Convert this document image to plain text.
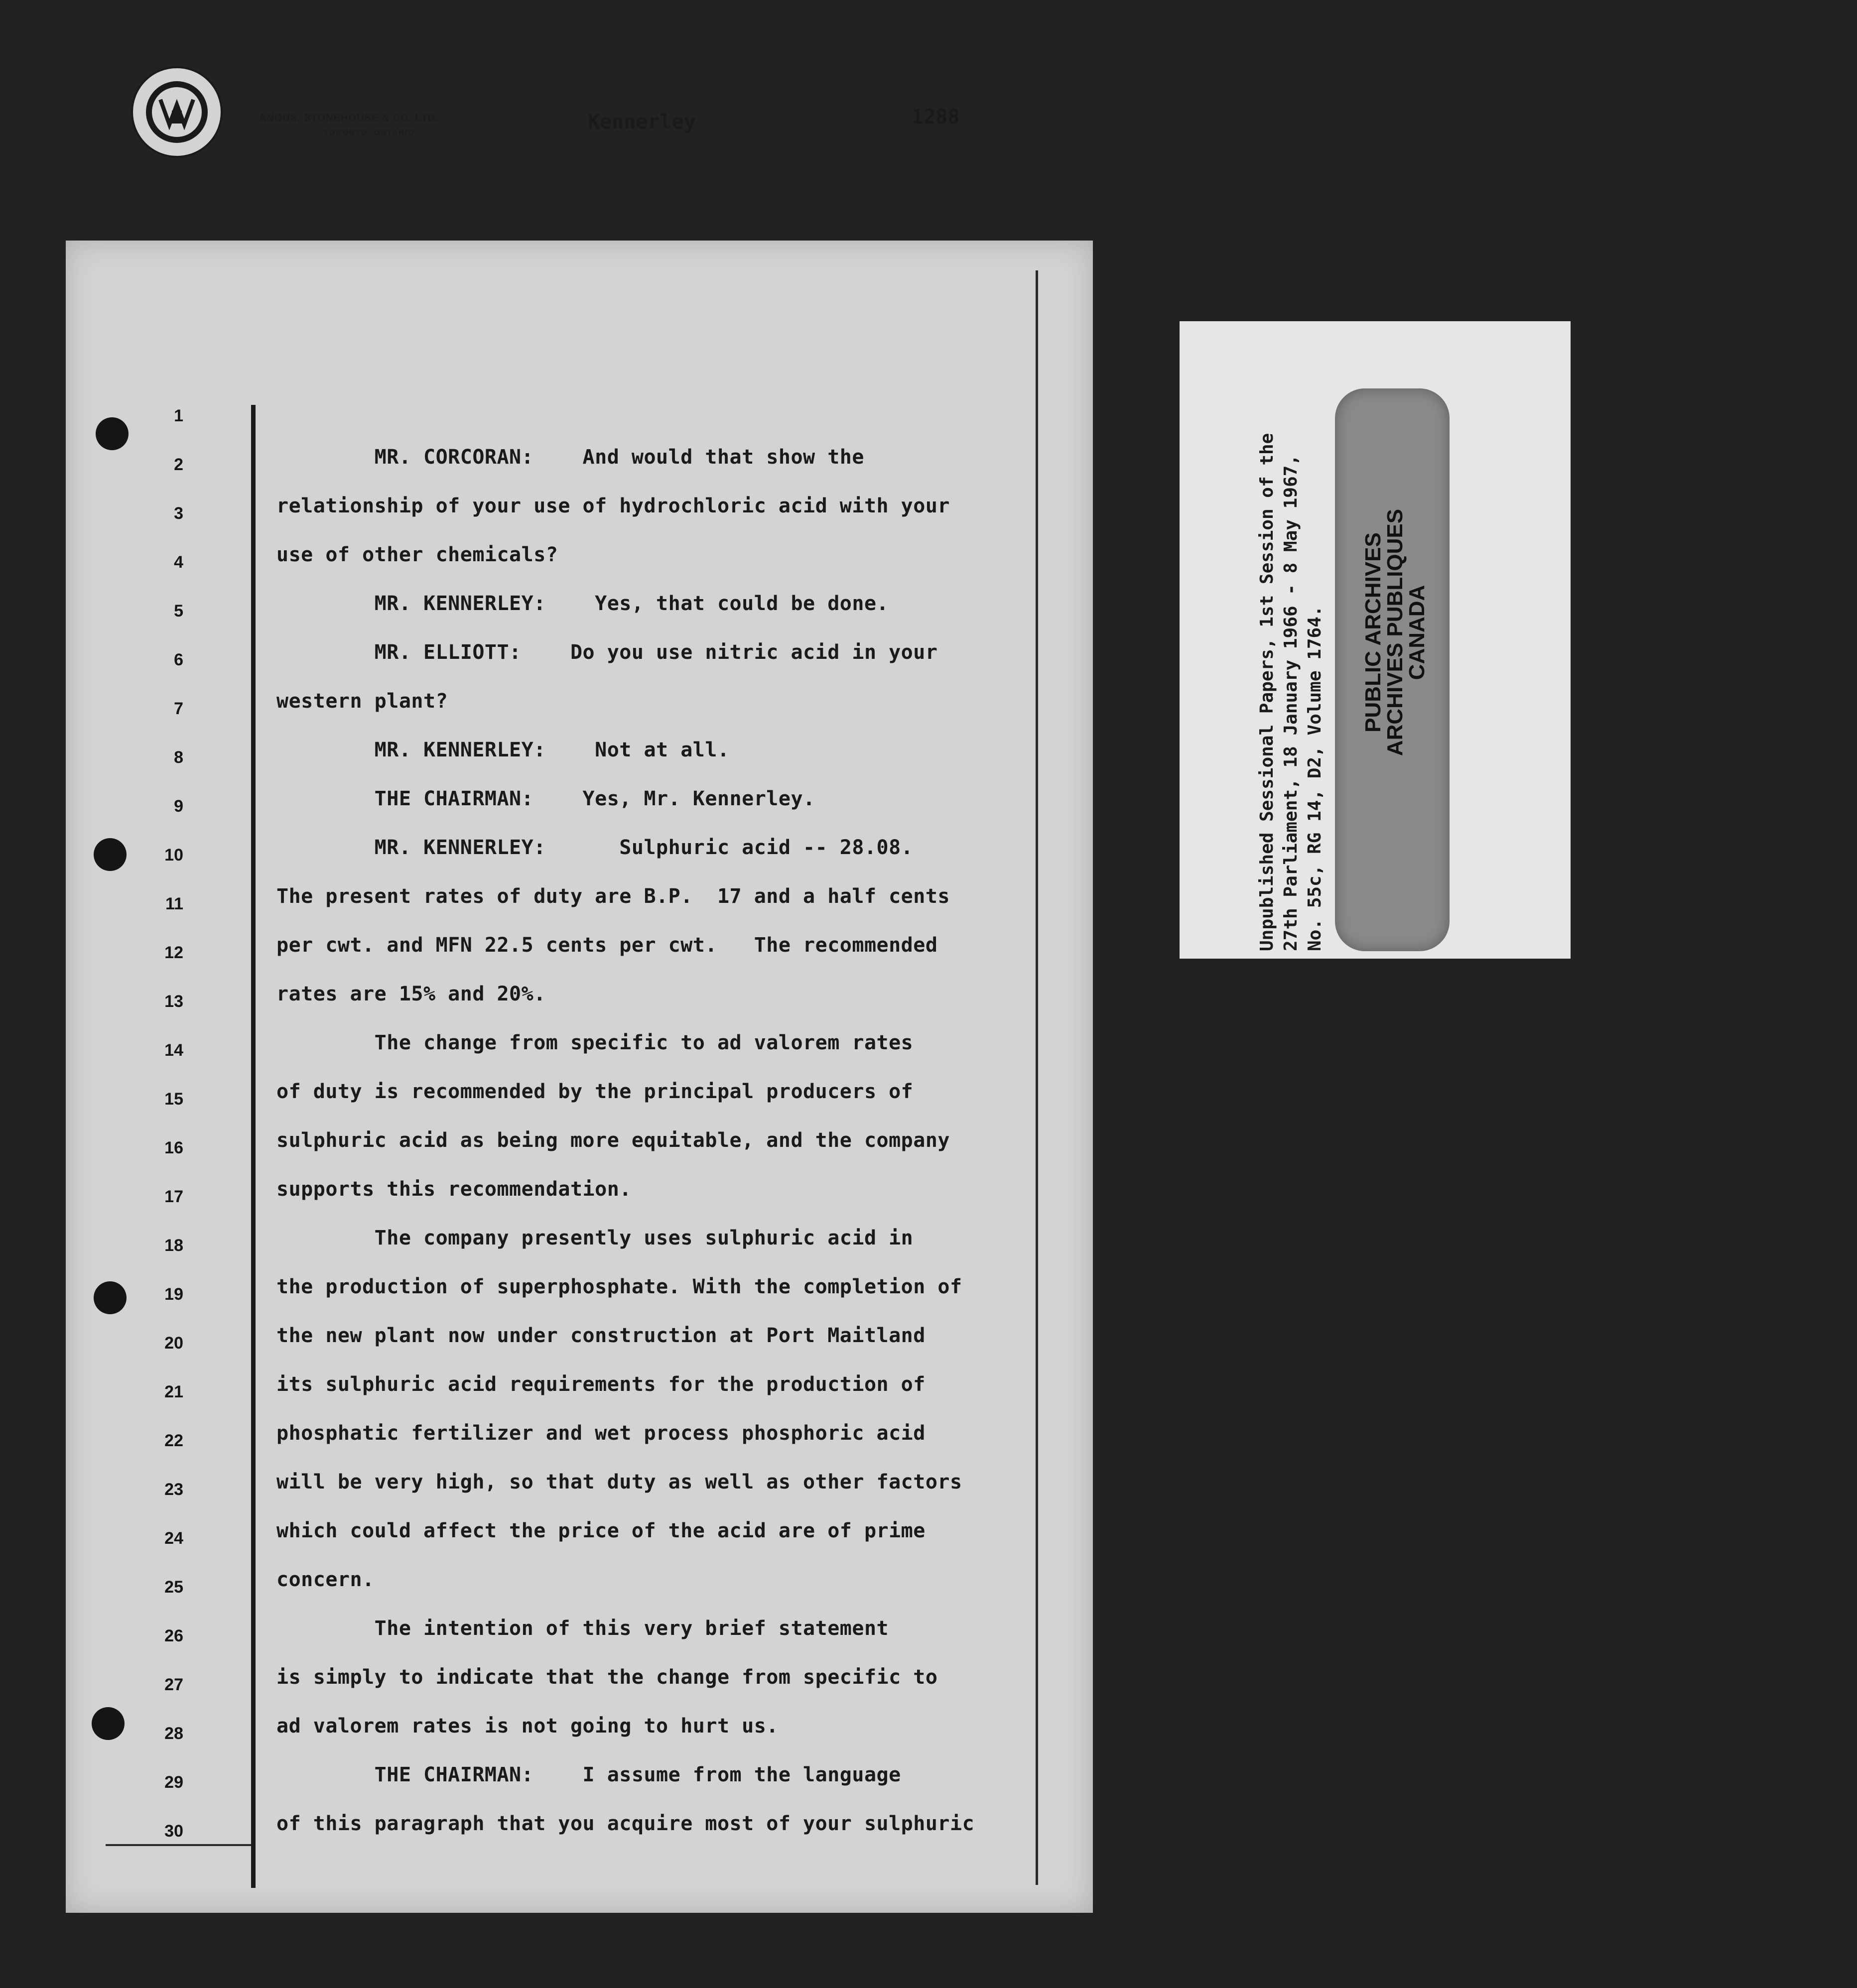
ANGUS. STONEHOUSE & CO. LTD.
TORONTO. ONTARIO	Kennerley	1288
1
2
3
4
5
6
7
8
9
10
11
12
13
14
15
16
17
18
19
20
21
22
23
24
25
26
27
28
29
30
MR. CORCORAN:    And would that show the
relationship of your use of hydrochloric acid with your
use of other chemicals?
MR. KENNERLEY:    Yes, that could be done.
MR. ELLIOTT:    Do you use nitric acid in your
western plant?
MR. KENNERLEY:    Not at all.
THE CHAIRMAN:    Yes, Mr. Kennerley.
MR. KENNERLEY:      Sulphuric acid -- 28.08.
The present rates of duty are B.P.  17 and a half cents
per cwt. and MFN 22.5 cents per cwt.   The recommended
rates are 15% and 20%.
The change from specific to ad valorem rates
of duty is recommended by the principal producers of
sulphuric acid as being more equitable, and the company
supports this recommendation.
The company presently uses sulphuric acid in
the production of superphosphate. With the completion of
the new plant now under construction at Port Maitland
its sulphuric acid requirements for the production of
phosphatic fertilizer and wet process phosphoric acid
will be very high, so that duty as well as other factors
which could affect the price of the acid are of prime
concern.
The intention of this very brief statement
is simply to indicate that the change from specific to
ad valorem rates is not going to hurt us.
THE CHAIRMAN:    I assume from the language
of this paragraph that you acquire most of your sulphuric
Unpublished Sessional Papers, 1st Session of the 27th Parliament, 18 January 1966 - 8 May 1967, No. 55c, RG 14, D2, Volume 1764. PUBLIC ARCHIVES
ARCHIVES PUBLIQUES
CANADA
